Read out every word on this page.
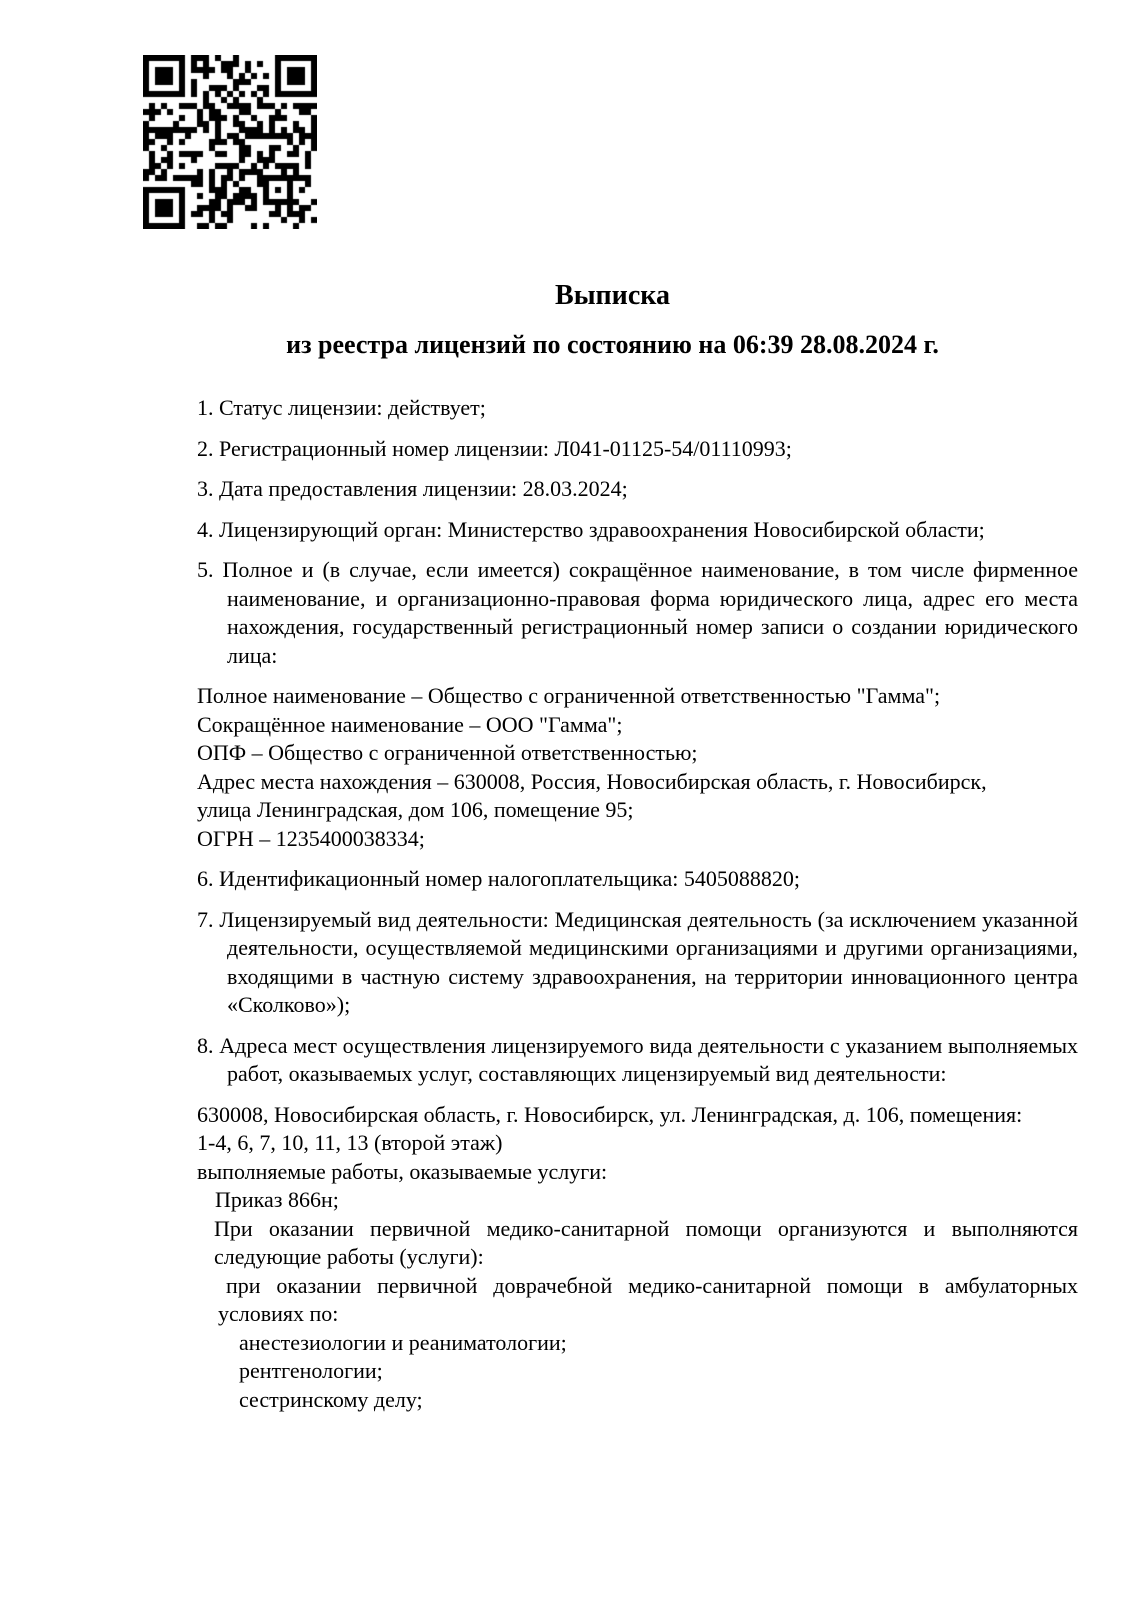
Выписка
из реестра лицензий по состоянию на 06:39 28.08.2024 г.

1. Статус лицензии: действует;

2. Регистрационный номер лицензии: Л041-01125-54/01110993;

3. Дата предоставления лицензии: 28.03.2024;

4. Лицензирующий орган: Министерство здравоохранения Новосибирской области;

5. Полное и (в случае, если имеется) сокращённое наименование, в том числе фирменное наименование, и организационно-правовая форма юридического лица, адрес его места нахождения, государственный регистрационный номер записи о создании юридического лица:

Полное наименование – Общество с ограниченной ответственностью "Гамма";
Сокращённое наименование – ООО "Гамма";
ОПФ – Общество с ограниченной ответственностью;
Адрес места нахождения – 630008, Россия, Новосибирская область, г. Новосибирск,
улица Ленинградская, дом 106, помещение 95;
ОГРН – 1235400038334;

6. Идентификационный номер налогоплательщика: 5405088820;

7. Лицензируемый вид деятельности: Медицинская деятельность (за исключением указанной деятельности, осуществляемой медицинскими организациями и другими организациями, входящими в частную систему здравоохранения, на территории инновационного центра «Сколково»);

8. Адреса мест осуществления лицензируемого вида деятельности с указанием выполняемых работ, оказываемых услуг, составляющих лицензируемый вид деятельности:

630008, Новосибирская область, г. Новосибирск, ул. Ленинградская, д. 106, помещения:
1-4, 6, 7, 10, 11, 13 (второй этаж)
выполняемые работы, оказываемые услуги:
Приказ 866н;

При оказании первичной медико-санитарной помощи организуются и выполняются следующие работы (услуги):

при оказании первичной доврачебной медико-санитарной помощи в амбулаторных условиях по:

анестезиологии и реаниматологии;
рентгенологии;
сестринскому делу;
